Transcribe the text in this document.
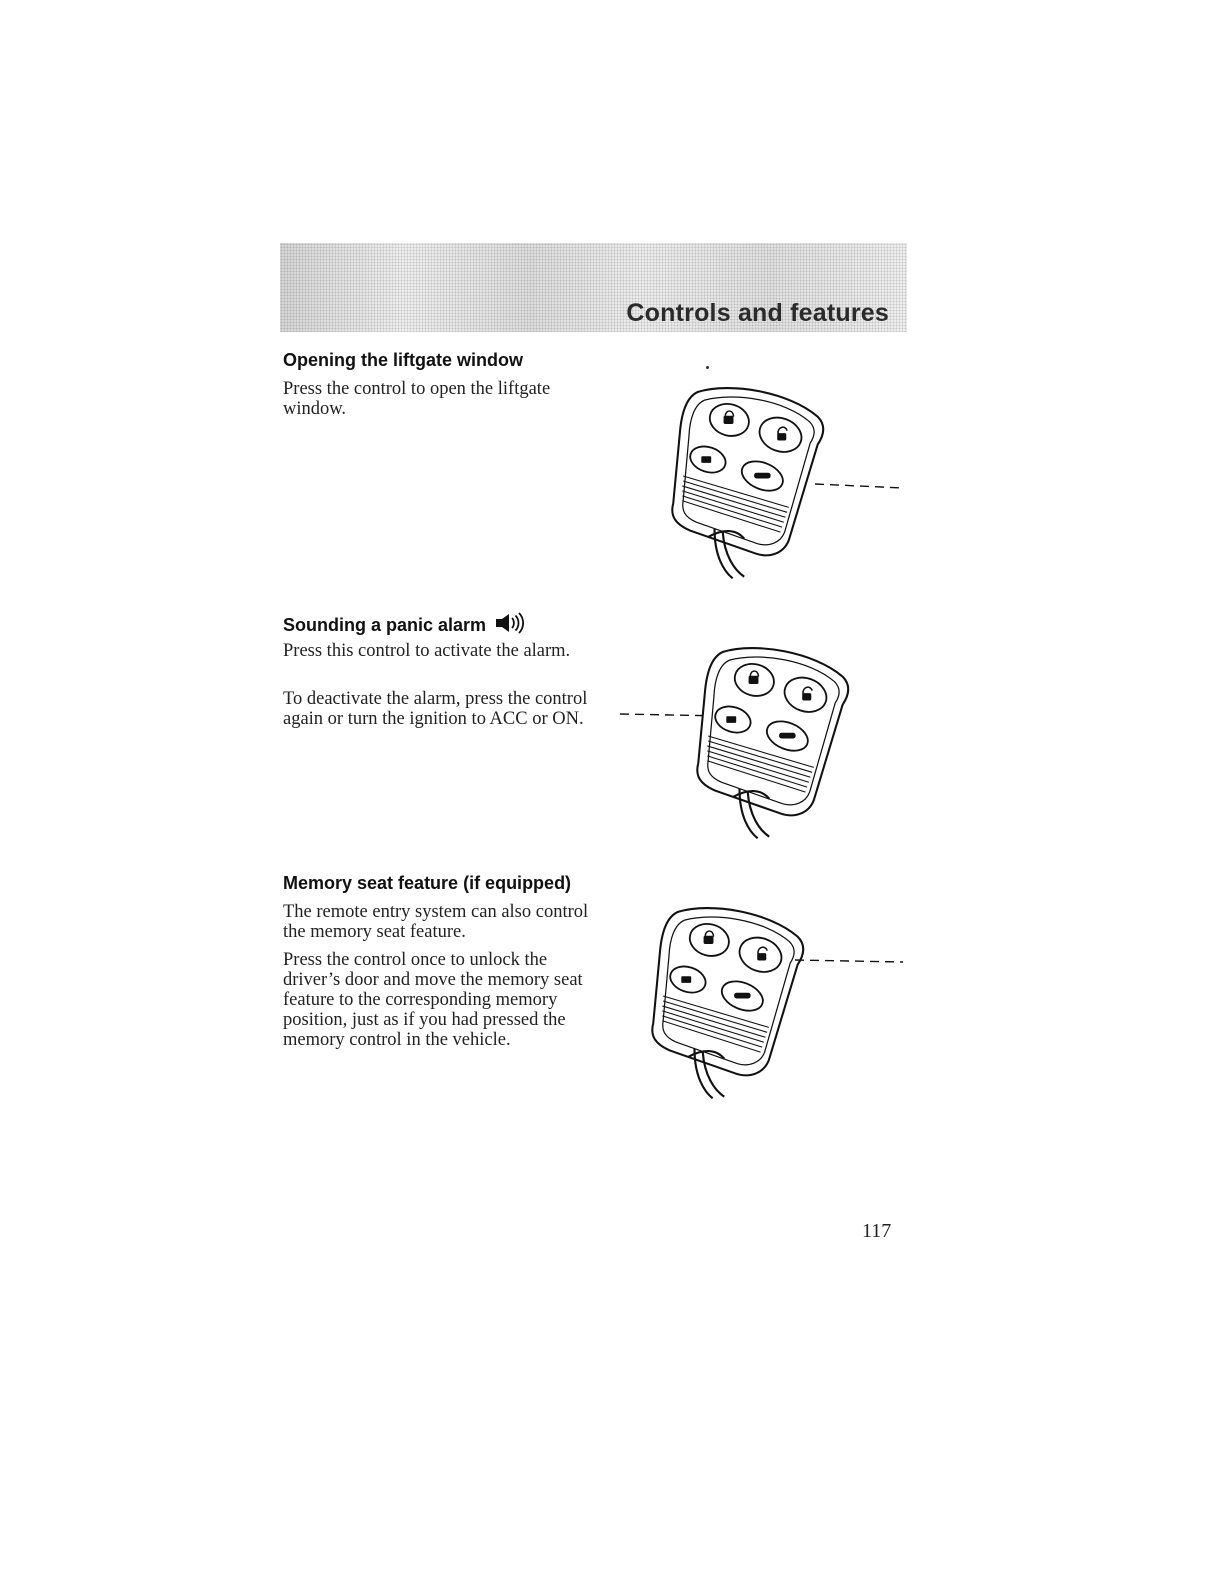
Controls and features
Opening the liftgate window

Press the control to open the liftgate window.

Sounding a panic alarm

Press this control to activate the alarm.

To deactivate the alarm, press the control again or turn the ignition to ACC or ON.

Memory seat feature (if equipped)

The remote entry system can also control the memory seat feature.

Press the control once to unlock the driver’s door and move the memory seat feature to the corresponding memory position, just as if you had pressed the memory control in the vehicle.

117
